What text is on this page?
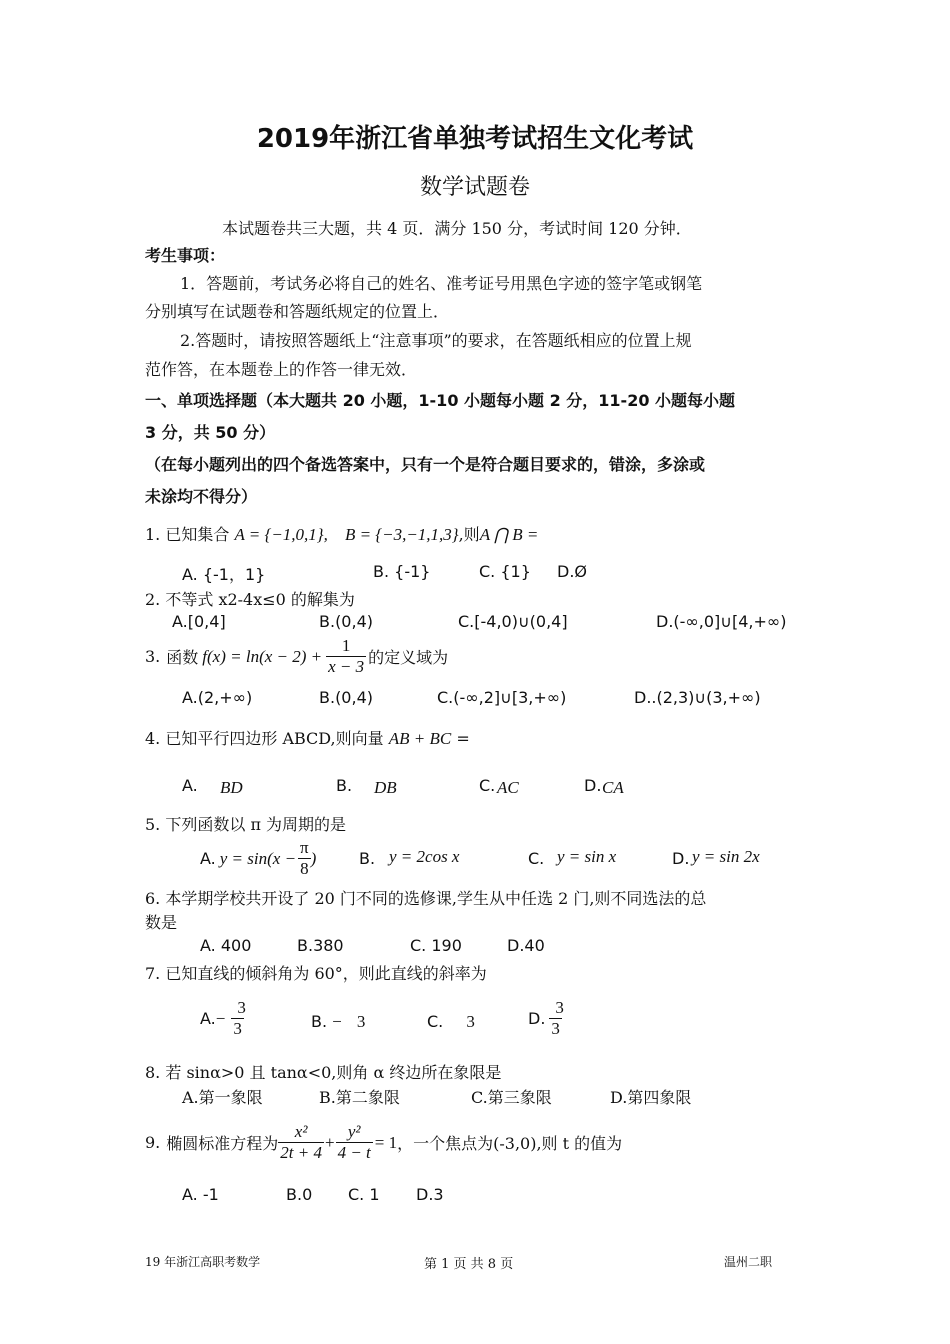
2019年浙江省单独考试招生文化考试
数学试题卷
本试题卷共三大题，共 4 页．满分 150 分，考试时间 120 分钟．
考生事项：
1．答题前，考试务必将自己的姓名、准考证号用黑色字迹的签字笔或钢笔
分别填写在试题卷和答题纸规定的位置上．
2.答题时，请按照答题纸上“注意事项”的要求，在答题纸相应的位置上规
范作答，在本题卷上的作答一律无效．
一、单项选择题（本大题共 20 小题，1-10 小题每小题 2 分，11-20 小题每小题
3 分，共 50 分）
（在每小题列出的四个备选答案中，只有一个是符合题目要求的，错涂，多涂或
未涂均不得分）
1. 已知集合 A = {−1,0,1}, B = {−3,−1,1,3},则A ⋂ B =
A. {-1，1}	B. {-1}	C. {1} D.Ø
2. 不等式 x2-4x≤0 的解集为
A.[0,4]	B.(0,4)	C.[-4,0)∪(0,4]	D.(-∞,0]∪[4,+∞)
3. 函数 $f(x) = \ln(x - 2) + \frac{1}{x - 3}$ 的定义域为
A.(2,+∞)	B.(0,4)	C.(-∞,2]∪[3,+∞)	D..(2,3)∪(3,+∞)
4. 已知平行四边形 ABCD,则向量 AB + BC =
A. BD	B. DB	C. AC	D. CA
5. 下列函数以 π 为周期的是
A. $y = \sin(x - \frac{\pi}{8}$ )	B. y = 2cos x	C. y = sin x	D. y = sin 2x
6. 本学期学校共开设了 20 门不同的选修课,学生从中任选 2 门,则不同选法的总
数是
A. 400	B.380	C. 190	D.40
7. 已知直线的倾斜角为 60°，则此直线的斜率为
A. − $\frac{3}{3}$	B. − 3	C. 3	D. $\frac{3}{3}$
8. 若 sinα>0 且 tanα<0,则角 α 终边所在象限是
A.第一象限	B.第二象限	C.第三象限	D.第四象限
9. 椭圆标准方程为 $\frac{\text{x²}}{2t + 4} + \frac{\text{y²}}{4 - t} = 1$ ，一个焦点为(-3,0),则 t 的值为
A. -1	B.0 C. 1 D.3
19 年浙江高职考数学	第 1 页 共 8 页	温州二职
